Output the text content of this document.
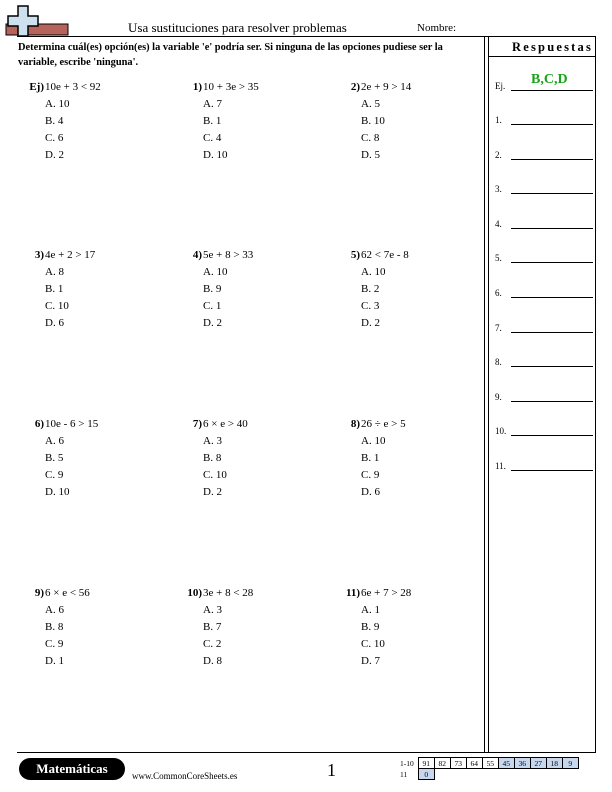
Usa sustituciones para resolver problemas	Nombre:
Determina cuál(es) opción(es) la variable 'e' podría ser. Si ninguna de las opciones pudiese ser la variable, escribe 'ninguna'.
Ej) 10e + 3 < 92
A. 10
B. 4
C. 6
D. 2
1) 10 + 3e > 35
A. 7
B. 1
C. 4
D. 10
2) 2e + 9 > 14
A. 5
B. 10
C. 8
D. 5
3) 4e + 2 > 17
A. 8
B. 1
C. 10
D. 6
4) 5e + 8 > 33
A. 10
B. 9
C. 1
D. 2
5) 62 < 7e - 8
A. 10
B. 2
C. 3
D. 2
6) 10e - 6 > 15
A. 6
B. 5
C. 9
D. 10
7) 6 × e > 40
A. 3
B. 8
C. 10
D. 2
8) 26 ÷ e > 5
A. 10
B. 1
C. 9
D. 6
9) 6 × e < 56
A. 6
B. 8
C. 9
D. 1
10) 3e + 8 < 28
A. 3
B. 7
C. 2
D. 8
11) 6e + 7 > 28
A. 1
B. 9
C. 10
D. 7
Respuestas
B,C,D
Ej.
1.
2.
3.
4.
5.
6.
7.
8.
9.
10.
11.
Matemáticas	www.CommonCoreSheets.es	1	1-10	91	82	73	64	55	45	36	27	18	9
11	0									
